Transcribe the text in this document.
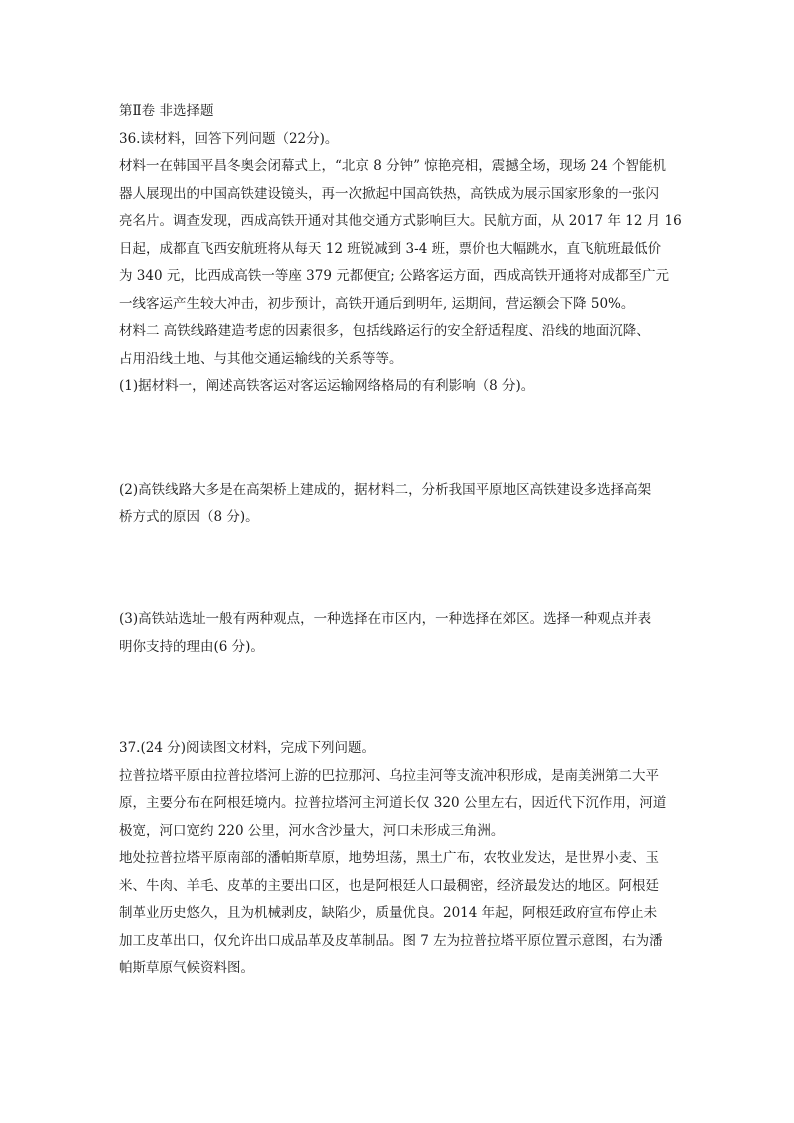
第Ⅱ卷 非选择题
36.读材料，回答下列问题（22分)。
材料一在韩国平昌冬奥会闭幕式上，“北京 8 分钟” 惊艳亮相，震撼全场，现场 24 个智能机
器人展现出的中国高铁建设镜头，再一次掀起中国高铁热，高铁成为展示国家形象的一张闪
亮名片。调查发现，西成高铁开通对其他交通方式影响巨大。民航方面，从 2017 年 12 月 16
日起，成都直飞西安航班将从每天 12 班锐减到 3-4 班，票价也大幅跳水，直飞航班最低价
为 340 元，比西成高铁一等座 379 元都便宜; 公路客运方面，西成高铁开通将对成都至广元
一线客运产生较大冲击，初步预计，高铁开通后到明年, 运期间，营运额会下降 50%。
材料二 高铁线路建造考虑的因素很多，包括线路运行的安全舒适程度、沿线的地面沉降、
占用沿线土地、与其他交通运输线的关系等等。
(1)据材料一，阐述高铁客运对客运运输网络格局的有利影响（8 分)。
(2)高铁线路大多是在高架桥上建成的，据材料二，分析我国平原地区高铁建设多选择高架
桥方式的原因（8 分)。
(3)高铁站选址一般有两种观点，一种选择在市区内，一种选择在郊区。选择一种观点并表
明你支持的理由(6 分)。
37.(24 分)阅读图文材料，完成下列问题。
拉普拉塔平原由拉普拉塔河上游的巴拉那河、乌拉圭河等支流冲积形成，是南美洲第二大平
原，主要分布在阿根廷境内。拉普拉塔河主河道长仅 320 公里左右，因近代下沉作用，河道
极宽，河口宽约 220 公里，河水含沙量大，河口未形成三角洲。
地处拉普拉塔平原南部的潘帕斯草原，地势坦荡，黑土广布，农牧业发达，是世界小麦、玉
米、牛肉、羊毛、皮革的主要出口区，也是阿根廷人口最稠密，经济最发达的地区。阿根廷
制革业历史悠久，且为机械剥皮，缺陷少，质量优良。2014 年起，阿根廷政府宣布停止未
加工皮革出口，仅允许出口成品革及皮革制品。图 7 左为拉普拉塔平原位置示意图，右为潘
帕斯草原气候资料图。
